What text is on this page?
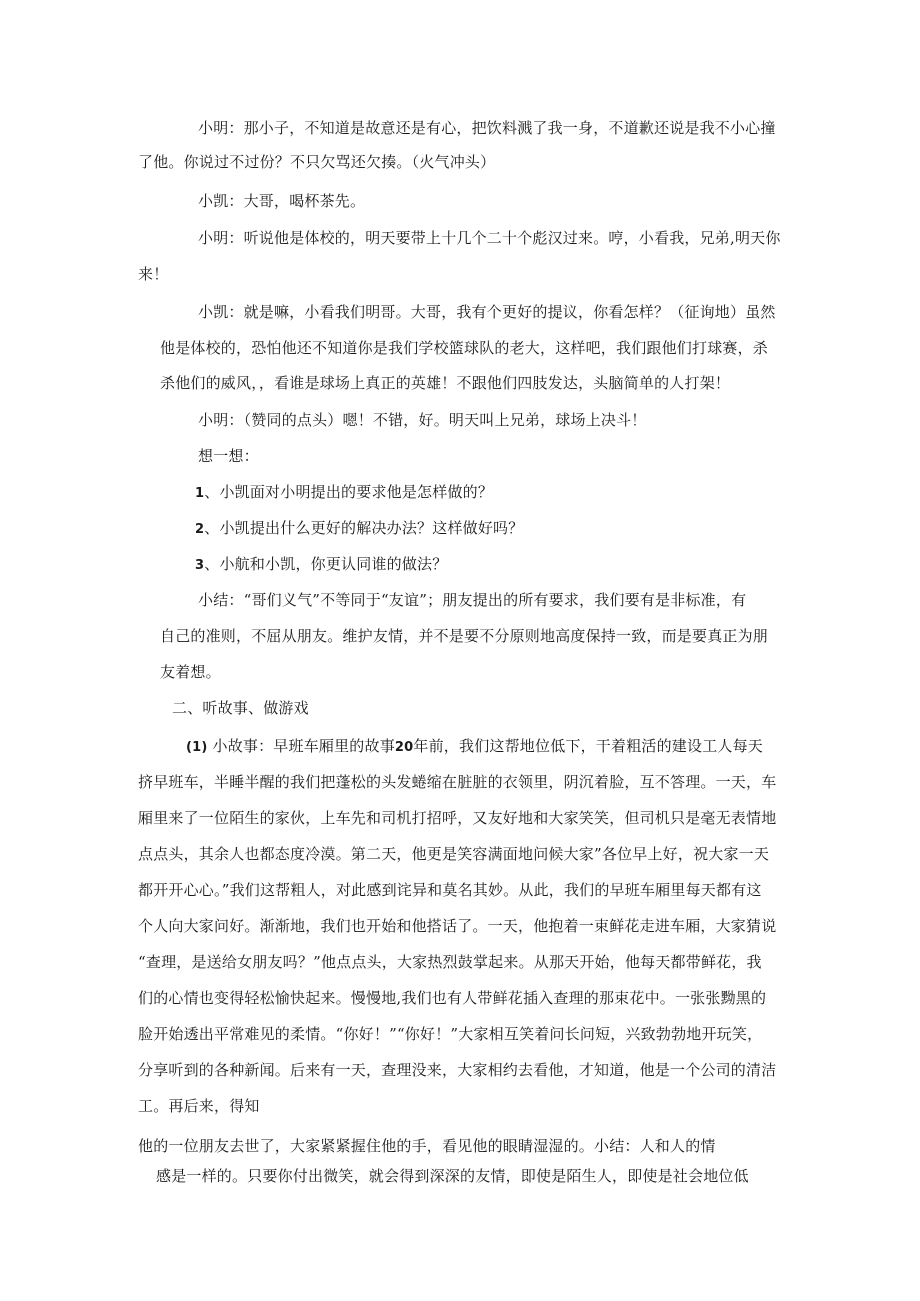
小明：那小子，不知道是故意还是有心，把饮料溅了我一身，不道歉还说是我不小心撞
了他。你说过不过份？不只欠骂还欠揍。（火气冲头）
小凯：大哥，喝杯茶先。
小明：听说他是体校的，明天要带上十几个二十个彪汉过来。哼，小看我，兄弟,明天你
来！
小凯：就是嘛，小看我们明哥。大哥，我有个更好的提议，你看怎样？（征询地）虽然
他是体校的，恐怕他还不知道你是我们学校篮球队的老大，这样吧，我们跟他们打球赛，杀
杀他们的威风，，看谁是球场上真正的英雄！不跟他们四肢发达，头脑简单的人打架！
小明：（赞同的点头）嗯！不错，好。明天叫上兄弟，球场上决斗！
想一想：
1、小凯面对小明提出的要求他是怎样做的？
2、小凯提出什么更好的解决办法？这样做好吗？
3、小航和小凯，你更认同谁的做法？
小结：“哥们义气”不等同于“友谊”；朋友提出的所有要求，我们要有是非标准，有
自己的准则，不屈从朋友。维护友情，并不是要不分原则地高度保持一致，而是要真正为朋
友着想。
二、听故事、做游戏
(1) 小故事：早班车厢里的故事20年前，我们这帮地位低下，干着粗活的建设工人每天
挤早班车，半睡半醒的我们把蓬松的头发蜷缩在脏脏的衣领里，阴沉着脸，互不答理。一天，车
厢里来了一位陌生的家伙，上车先和司机打招呼，又友好地和大家笑笑，但司机只是毫无表情地
点点头，其余人也都态度冷漠。第二天，他更是笑容满面地问候大家”各位早上好，祝大家一天
都开开心心。”我们这帮粗人，对此感到诧异和莫名其妙。从此，我们的早班车厢里每天都有这
个人向大家问好。渐渐地，我们也开始和他搭话了。一天，他抱着一束鲜花走进车厢，大家猜说
“查理，是送给女朋友吗？”他点点头，大家热烈鼓掌起来。从那天开始，他每天都带鲜花，我
们的心情也变得轻松愉快起来。慢慢地,我们也有人带鲜花插入查理的那束花中。一张张黝黑的
脸开始透出平常难见的柔情。“你好！”“你好！”大家相互笑着问长问短，兴致勃勃地开玩笑，
分享听到的各种新闻。后来有一天，查理没来，大家相约去看他，才知道，他是一个公司的清洁
工。再后来，得知
他的一位朋友去世了，大家紧紧握住他的手，看见他的眼睛湿湿的。小结：人和人的情
感是一样的。只要你付出微笑，就会得到深深的友情，即使是陌生人，即使是社会地位低
